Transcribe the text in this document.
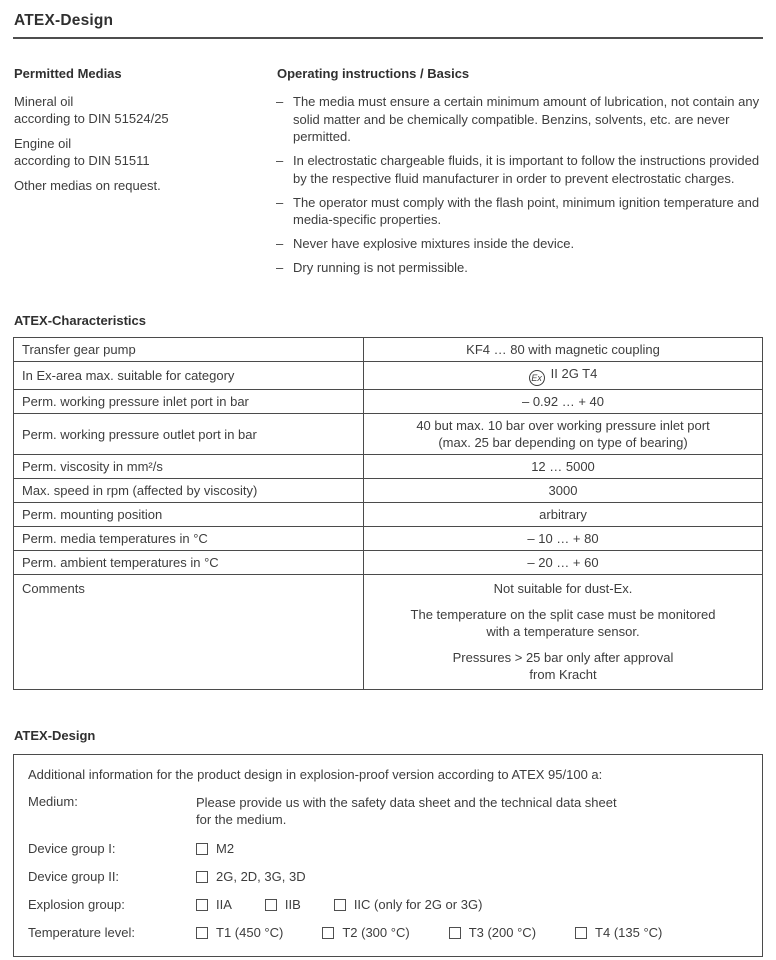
ATEX-Design
Permitted Medias
Mineral oil
according to DIN 51524/25
Engine oil
according to DIN 51511
Other medias on request.
Operating instructions / Basics
–
The media must ensure a certain minimum amount of lubrication, not contain any solid matter and be chemically compatible. Benzins, solvents, etc. are never permitted.
–
In electrostatic chargeable fluids, it is important to follow the instructions provided by the respective fluid manufacturer in order to prevent electrostatic charges.
–
The operator must comply with the flash point, minimum ignition temperature and media-specific properties.
–
Never have explosive mixtures inside the device.
–
Dry running is not permissible.
ATEX-Characteristics
Transfer gear pump	KF4 … 80 with magnetic coupling
In Ex-area max. suitable for category	Ex II 2G T4
Perm. working pressure inlet port in bar	– 0.92 … + 40
Perm. working pressure outlet port in bar	40 but max. 10 bar over working pressure inlet port
(max. 25 bar depending on type of bearing)

Perm. viscosity in mm²/s	12 … 5000
Max. speed in rpm (affected by viscosity)	3000
Perm. mounting position	arbitrary
Perm. media temperatures in °C	– 10 … + 80
Perm. ambient temperatures in °C	– 20 … + 60
Comments	Not suitable for dust-Ex.

The temperature on the split case must be monitored
with a temperature sensor.

Pressures > 25 bar only after approval
from Kracht

ATEX-Design
Additional information for the product design in explosion-proof version according to ATEX 95/100 a:
Medium:	Please provide us with the safety data sheet and the technical data sheet
for the medium.
Device group I:	M2
Device group II:	2G, 2D, 3G, 3D
Explosion group:	IIA	IIB	IIC (only for 2G or 3G)
Temperature level:	T1 (450 °C)	T2 (300 °C)	T3 (200 °C)	T4 (135 °C)
